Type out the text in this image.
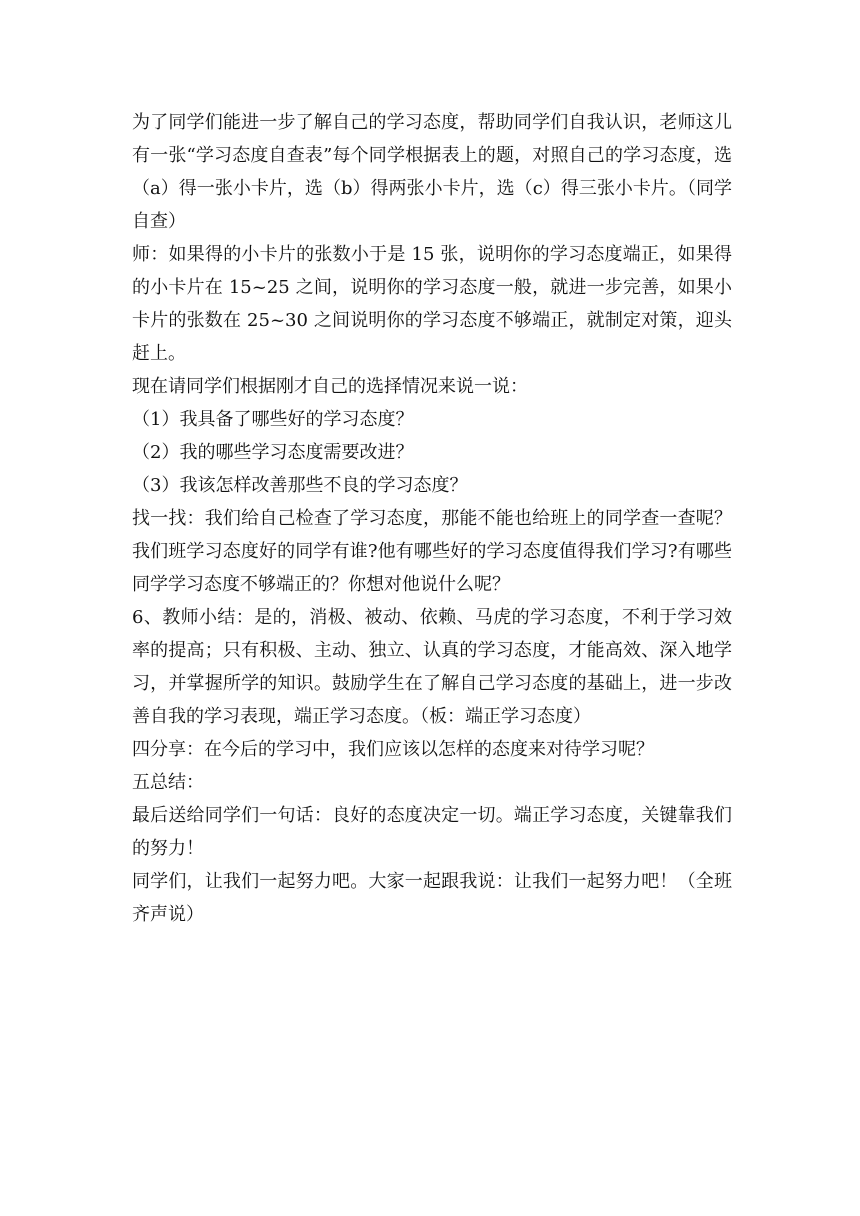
为了同学们能进一步了解自己的学习态度，帮助同学们自我认识，老师这儿有一张“学习态度自查表”每个同学根据表上的题，对照自己的学习态度，选（a）得一张小卡片，选（b）得两张小卡片，选（c）得三张小卡片。（同学自查）

师：如果得的小卡片的张数小于是 15 张，说明你的学习态度端正，如果得的小卡片在 15~25 之间，说明你的学习态度一般，就进一步完善，如果小卡片的张数在 25~30 之间说明你的学习态度不够端正，就制定对策，迎头赶上。

现在请同学们根据刚才自己的选择情况来说一说：

（1）我具备了哪些好的学习态度？

（2）我的哪些学习态度需要改进？

（3）我该怎样改善那些不良的学习态度？

找一找：我们给自己检查了学习态度，那能不能也给班上的同学查一查呢？我们班学习态度好的同学有谁?他有哪些好的学习态度值得我们学习?有哪些同学学习态度不够端正的？你想对他说什么呢？

6、教师小结：是的，消极、被动、依赖、马虎的学习态度，不利于学习效率的提高；只有积极、主动、独立、认真的学习态度，才能高效、深入地学习，并掌握所学的知识。鼓励学生在了解自己学习态度的基础上，进一步改善自我的学习表现，端正学习态度。（板：端正学习态度）

四分享：在今后的学习中，我们应该以怎样的态度来对待学习呢？

五总结：

最后送给同学们一句话：良好的态度决定一切。端正学习态度，关键靠我们的努力！

同学们，让我们一起努力吧。大家一起跟我说：让我们一起努力吧！（全班齐声说）
